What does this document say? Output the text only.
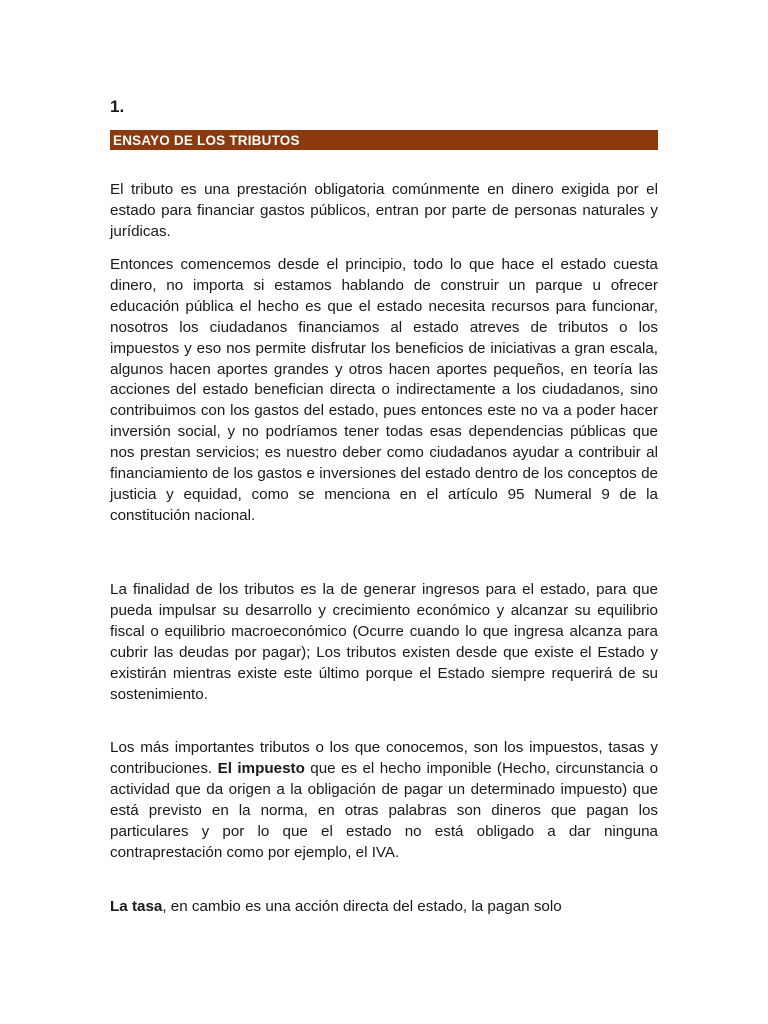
1.

ENSAYO DE LOS TRIBUTOS

El tributo es una prestación obligatoria comúnmente en dinero exigida por el estado para financiar gastos públicos, entran por parte de personas naturales y jurídicas.

Entonces comencemos desde el principio, todo lo que hace el estado cuesta dinero, no importa si estamos hablando de construir un parque u ofrecer educación pública el hecho es que el estado necesita recursos para funcionar, nosotros los ciudadanos financiamos al estado atreves de tributos o los impuestos y eso nos permite disfrutar los beneficios de iniciativas a gran escala, algunos hacen aportes grandes y otros hacen aportes pequeños, en teoría las acciones del estado benefician directa o indirectamente a los ciudadanos, sino contribuimos con los gastos del estado, pues entonces este no va a poder hacer inversión social, y no podríamos tener todas esas dependencias públicas que nos prestan servicios; es nuestro deber como ciudadanos ayudar a contribuir al financiamiento de los gastos e inversiones del estado dentro de los conceptos de justicia y equidad, como se menciona en el artículo 95 Numeral 9 de la constitución nacional.

La finalidad de los tributos es la de generar ingresos para el estado, para que pueda impulsar su desarrollo y crecimiento económico y alcanzar su equilibrio fiscal o equilibrio macroeconómico (Ocurre cuando lo que ingresa alcanza para cubrir las deudas por pagar); Los tributos existen desde que existe el Estado y existirán mientras existe este último porque el Estado siempre requerirá de su sostenimiento.

Los más importantes tributos o los que conocemos, son los impuestos, tasas y contribuciones. El impuesto que es el hecho imponible (Hecho, circunstancia o actividad que da origen a la obligación de pagar un determinado impuesto) que está previsto en la norma, en otras palabras son dineros que pagan los particulares y por lo que el estado no está obligado a dar ninguna contraprestación como por ejemplo, el IVA.

La tasa, en cambio es una acción directa del estado, la pagan solo
